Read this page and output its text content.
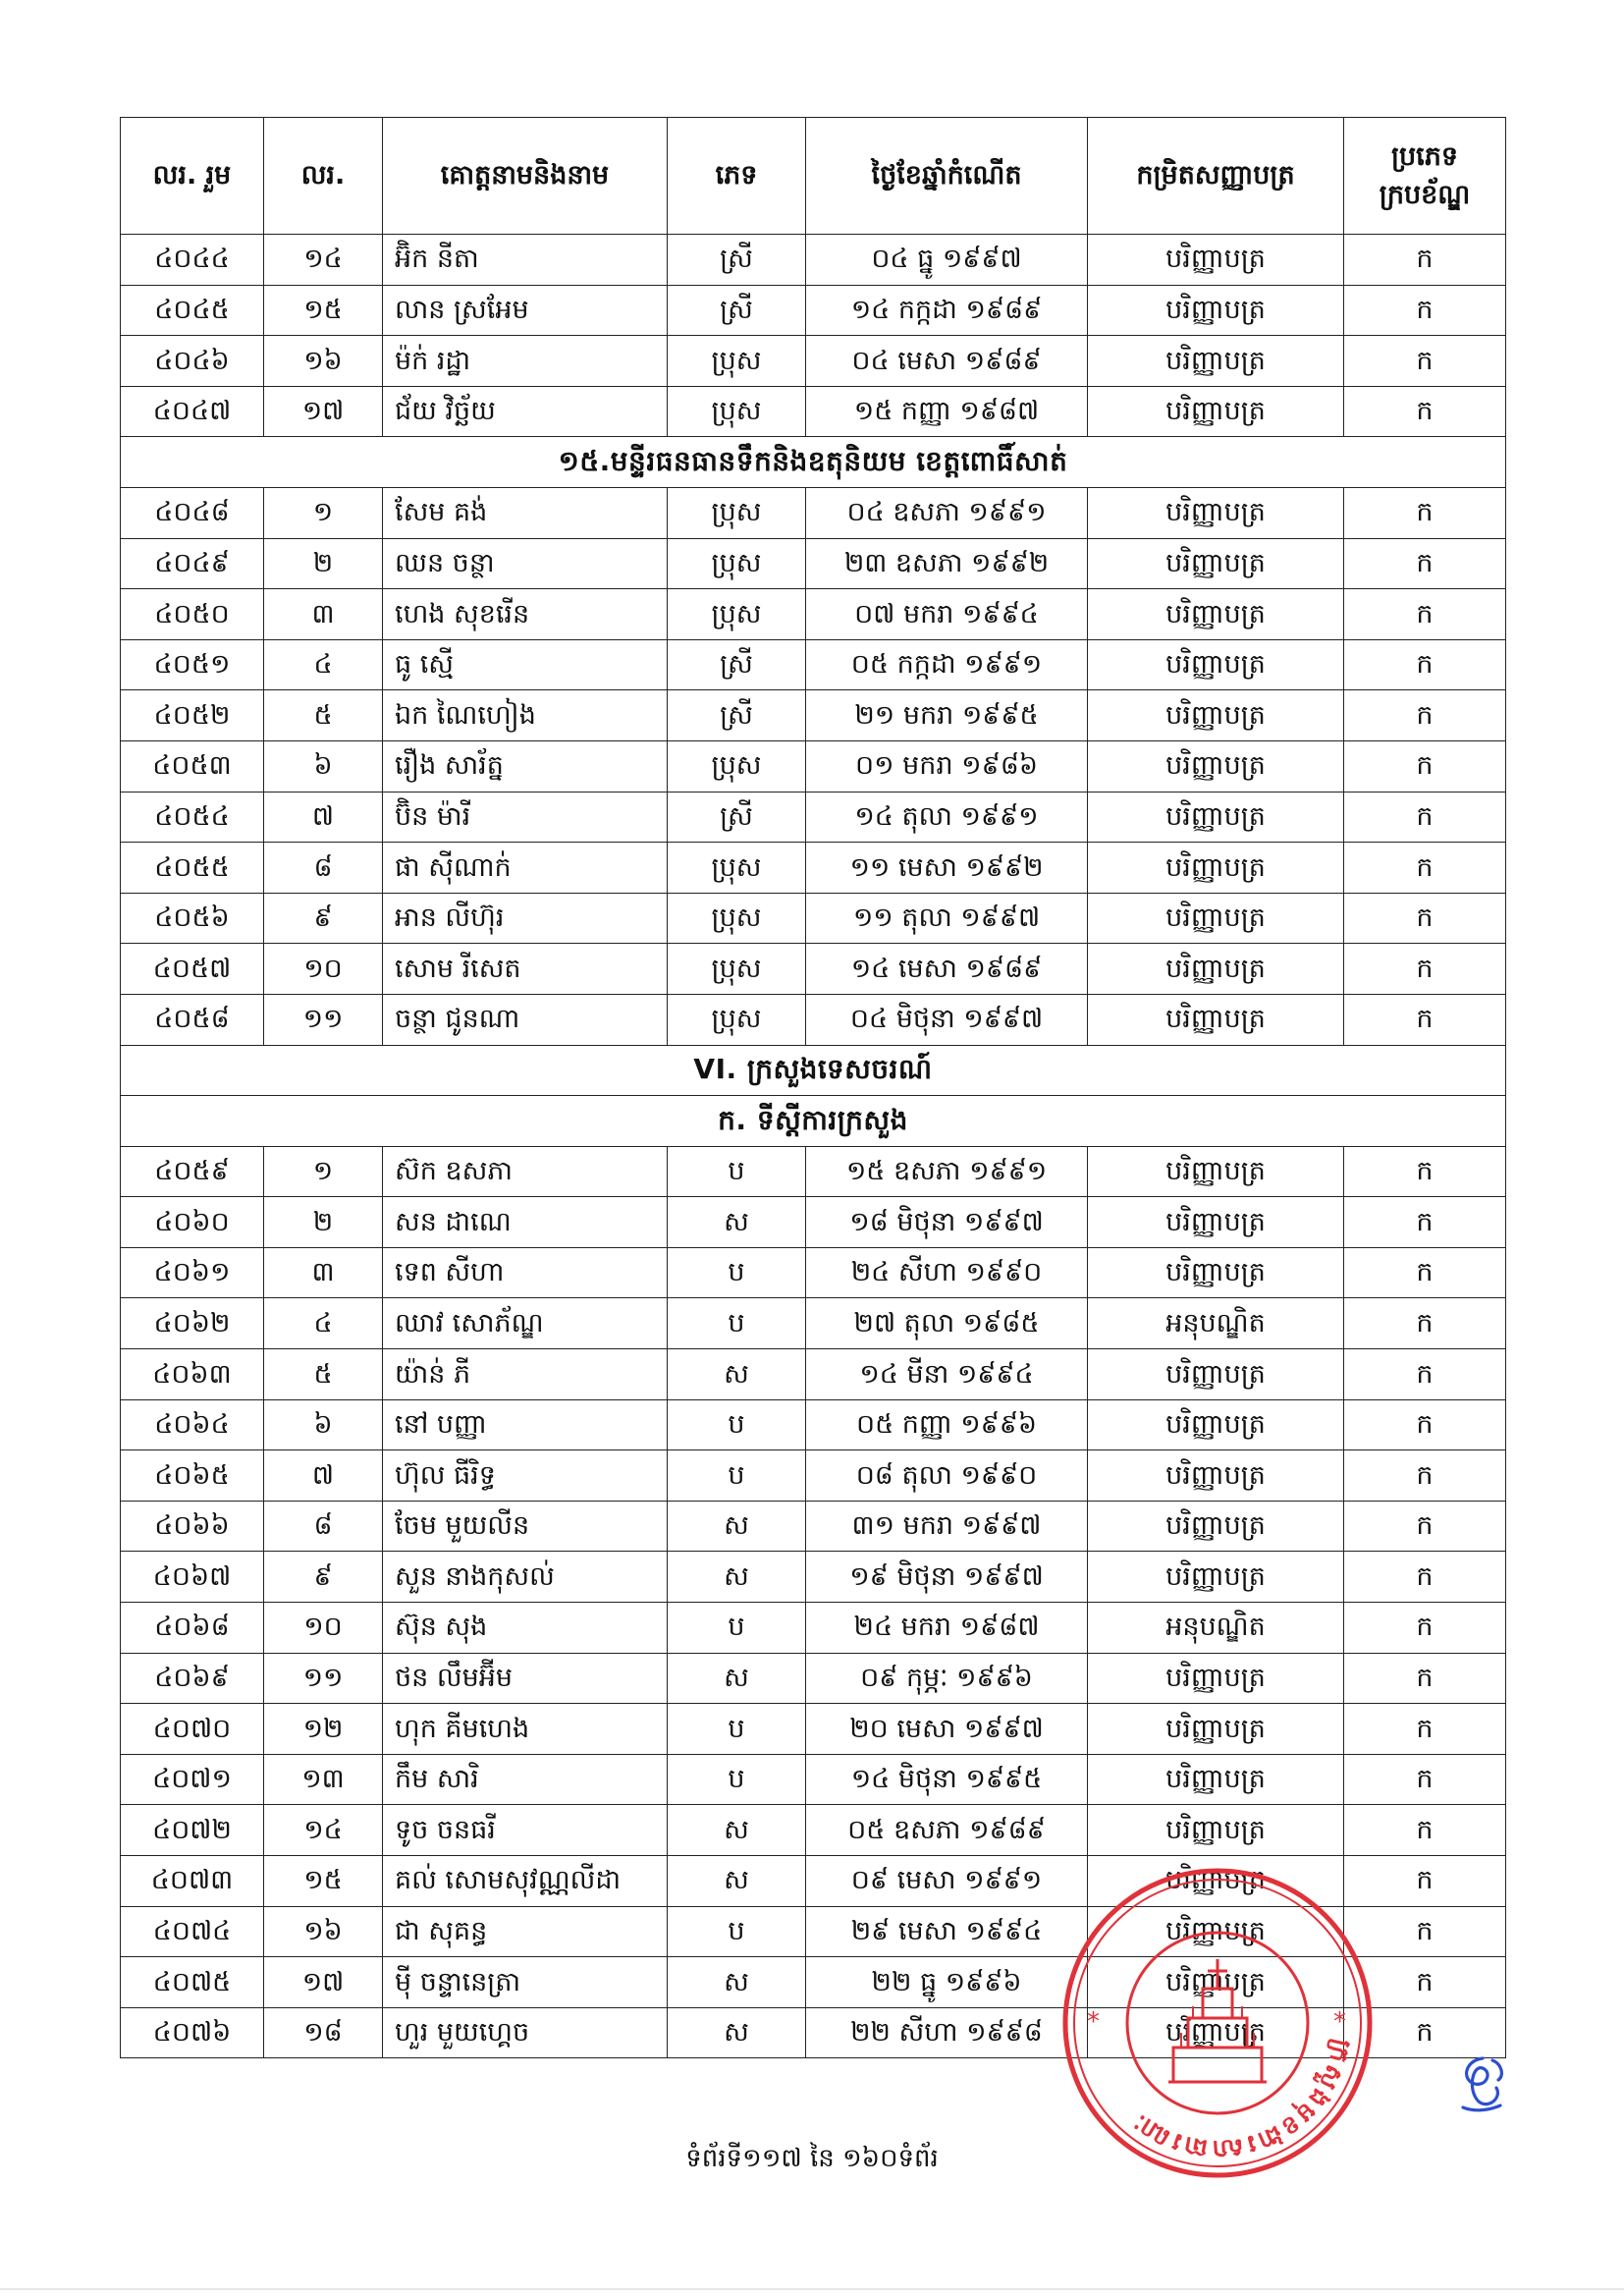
លរ. រួម	លរ.	គោត្តនាមនិងនាម	ភេទ	ថ្ងៃខែឆ្នាំកំណើត	កម្រិតសញ្ញាបត្រ	ប្រភេទក្របខ័ណ្ឌ
៤០៤៤	១៤	អ៊ិក នីតា	ស្រី	០៤ ធ្នូ ១៩៩៧	បរិញ្ញាបត្រ	ក
៤០៤៥	១៥	លាន ស្រអែម	ស្រី	១៤ កក្កដា ១៩៨៩	បរិញ្ញាបត្រ	ក
៤០៤៦	១៦	ម៉ក់ រដ្ឋា	ប្រុស	០៤ មេសា ១៩៨៩	បរិញ្ញាបត្រ	ក
៤០៤៧	១៧	ជ័យ វិច្ឆ័យ	ប្រុស	១៥ កញ្ញា ១៩៨៧	បរិញ្ញាបត្រ	ក
១៥.មន្ទីរធនធានទឹកនិងឧតុនិយម ខេត្តពោធិ៍សាត់						
៤០៤៨	១	សែម គង់	ប្រុស	០៤ ឧសភា ១៩៩១	បរិញ្ញាបត្រ	ក
៤០៤៩	២	ឈន ចន្ថា	ប្រុស	២៣ ឧសភា ១៩៩២	បរិញ្ញាបត្រ	ក
៤០៥០	៣	ហេង សុខរើន	ប្រុស	០៧ មករា ១៩៩៤	បរិញ្ញាបត្រ	ក
៤០៥១	៤	ធូ ស្មើ	ស្រី	០៥ កក្កដា ១៩៩១	បរិញ្ញាបត្រ	ក
៤០៥២	៥	ឯក ណៃហៀង	ស្រី	២១ មករា ១៩៩៥	បរិញ្ញាបត្រ	ក
៤០៥៣	៦	រឿង សារ័ត្ន	ប្រុស	០១ មករា ១៩៨៦	បរិញ្ញាបត្រ	ក
៤០៥៤	៧	ប៊ិន ម៉ារី	ស្រី	១៤ តុលា ១៩៩១	បរិញ្ញាបត្រ	ក
៤០៥៥	៨	ផា ស៊ីណាក់	ប្រុស	១១ មេសា ១៩៩២	បរិញ្ញាបត្រ	ក
៤០៥៦	៩	អាន លីហ៊ុរ	ប្រុស	១១ តុលា ១៩៩៧	បរិញ្ញាបត្រ	ក
៤០៥៧	១០	សោម រីសេត	ប្រុស	១៤ មេសា ១៩៨៩	បរិញ្ញាបត្រ	ក
៤០៥៨	១១	ចន្ថា ជូនណា	ប្រុស	០៤ មិថុនា ១៩៩៧	បរិញ្ញាបត្រ	ក
VI. ក្រសួងទេសចរណ៍						
ក. ទីស្តីការក្រសួង						
៤០៥៩	១	ស៊ក ឧសភា	ប	១៥ ឧសភា ១៩៩១	បរិញ្ញាបត្រ	ក
៤០៦០	២	សន ដាណេ	ស	១៨ មិថុនា ១៩៩៧	បរិញ្ញាបត្រ	ក
៤០៦១	៣	ទេព សីហា	ប	២៤ សីហា ១៩៩០	បរិញ្ញាបត្រ	ក
៤០៦២	៤	ឈាវ សោភ័ណ្ឌ	ប	២៧ តុលា ១៩៨៥	អនុបណ្ឌិត	ក
៤០៦៣	៥	យ៉ាន់ ភី	ស	១៤ មីនា ១៩៩៤	បរិញ្ញាបត្រ	ក
៤០៦៤	៦	នៅ បញ្ញា	ប	០៥ កញ្ញា ១៩៩៦	បរិញ្ញាបត្រ	ក
៤០៦៥	៧	ហ៊ុល ធីរិទ្ធ	ប	០៨ តុលា ១៩៩០	បរិញ្ញាបត្រ	ក
៤០៦៦	៨	ចែម មួយលីន	ស	៣១ មករា ១៩៩៧	បរិញ្ញាបត្រ	ក
៤០៦៧	៩	សួន នាងកុសល់	ស	១៩ មិថុនា ១៩៩៧	បរិញ្ញាបត្រ	ក
៤០៦៨	១០	ស៊ុន សុង	ប	២៤ មករា ១៩៨៧	អនុបណ្ឌិត	ក
៤០៦៩	១១	ថន លឹមអ៊ីម	ស	០៩ កុម្ភៈ ១៩៩៦	បរិញ្ញាបត្រ	ក
៤០៧០	១២	ហុក គីមហេង	ប	២០ មេសា ១៩៩៧	បរិញ្ញាបត្រ	ក
៤០៧១	១៣	កឹម សារិ	ប	១៤ មិថុនា ១៩៩៥	បរិញ្ញាបត្រ	ក
៤០៧២	១៤	ទូច ចនធរី	ស	០៥ ឧសភា ១៩៨៩	បរិញ្ញាបត្រ	ក
៤០៧៣	១៥	គល់ សោមសុវណ្ណលីដា	ស	០៩ មេសា ១៩៩១	បរិញ្ញាបត្រ	ក
៤០៧៤	១៦	ជា សុគន្ធ	ប	២៩ មេសា ១៩៩៤	បរិញ្ញាបត្រ	ក
៤០៧៥	១៧	ម៉ី ចន្ទានេត្រា	ស	២២ ធ្នូ ១៩៩៦	បរិញ្ញាបត្រ	ក
៤០៧៦	១៨	ហួរ មួយហ្គេច	ស	២២ សីហា ១៩៩៨	បរិញ្ញាបត្រ	ក
*	*
ក្រសួងមុខងារសាធារណៈ
ទំព័រទី១១៧ នៃ ១៦០ទំព័រ
